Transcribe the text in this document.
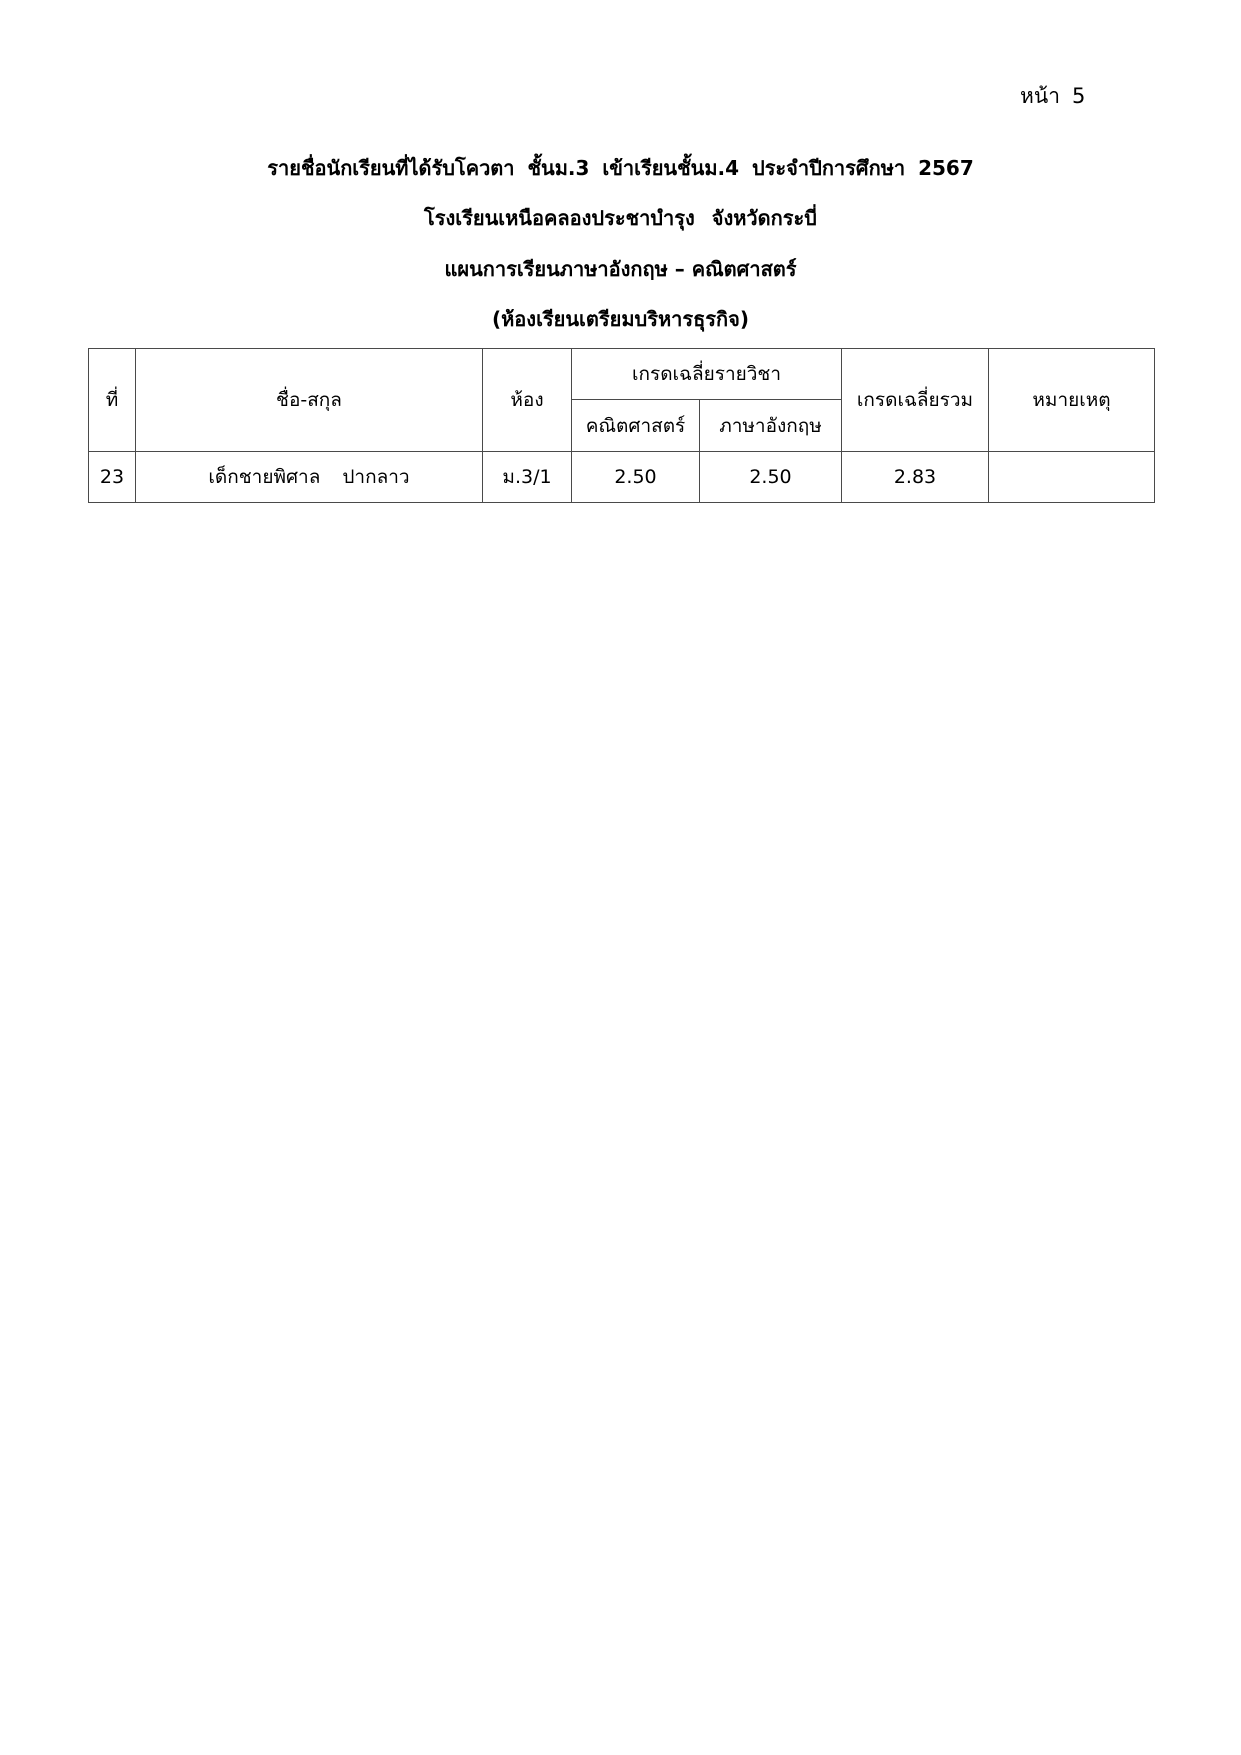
หน้า 5
รายชื่อนักเรียนที่ได้รับโควตา ชั้นม.3 เข้าเรียนชั้นม.4 ประจำปีการศึกษา 2567
โรงเรียนเหนือคลองประชาบำรุง จังหวัดกระบี่
แผนการเรียนภาษาอังกฤษ – คณิตศาสตร์
(ห้องเรียนเตรียมบริหารธุรกิจ)
ที่	ชื่อ-สกุล	ห้อง	เกรดเฉลี่ยรายวิชา		เกรดเฉลี่ยรวม	หมายเหตุ
			คณิตศาสตร์	ภาษาอังกฤษ		
23	เด็กชายพิศาล ปากลาว	ม.3/1	2.50	2.50	2.83	
